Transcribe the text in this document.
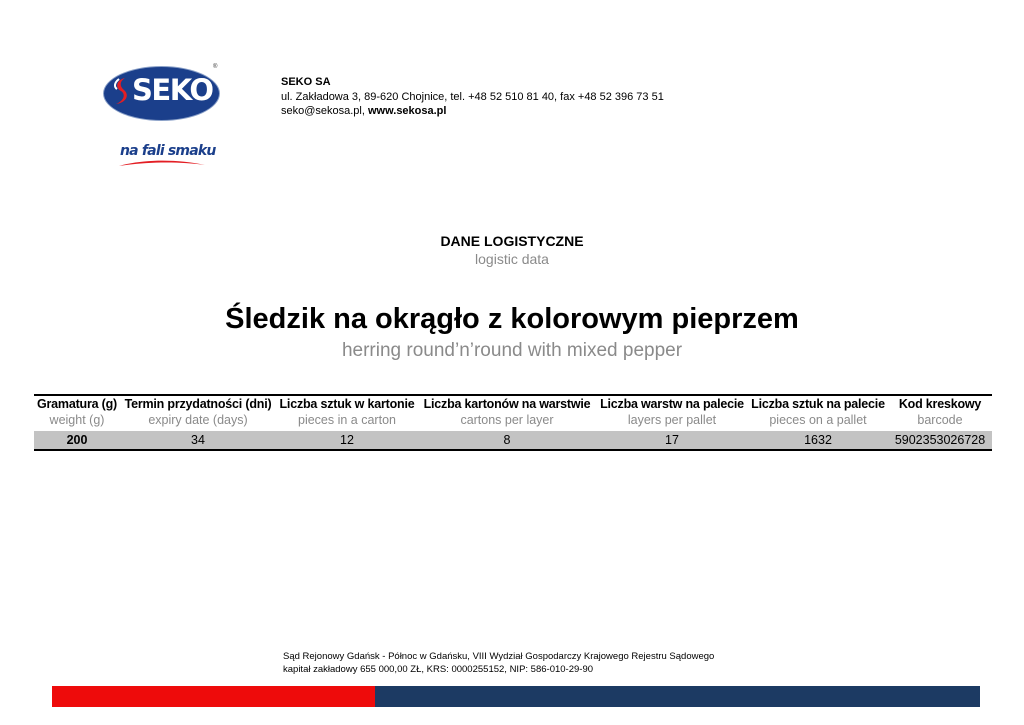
SEKO
®
na fali smaku
SEKO SA
ul. Zakładowa 3, 89-620 Chojnice, tel. +48 52 510 81 40, fax +48 52 396 73 51
seko@sekosa.pl, www.sekosa.pl
DANE LOGISTYCZNE
logistic data
Śledzik na okrągło z kolorowym pieprzem
herring round’n’round with mixed pepper
Gramatura (g)
weight (g)
200
Termin przydatności (dni)
expiry date (days)
34
Liczba sztuk w kartonie
pieces in a carton
12
Liczba kartonów na warstwie
cartons per layer
8
Liczba warstw na palecie
layers per pallet
17
Liczba sztuk na palecie
pieces on a pallet
1632
Kod kreskowy
barcode
5902353026728
Sąd Rejonowy Gdańsk - Północ w Gdańsku, VIII Wydział Gospodarczy Krajowego Rejestru Sądowego
kapitał zakładowy 655 000,00 ZŁ, KRS: 0000255152, NIP: 586-010-29-90
